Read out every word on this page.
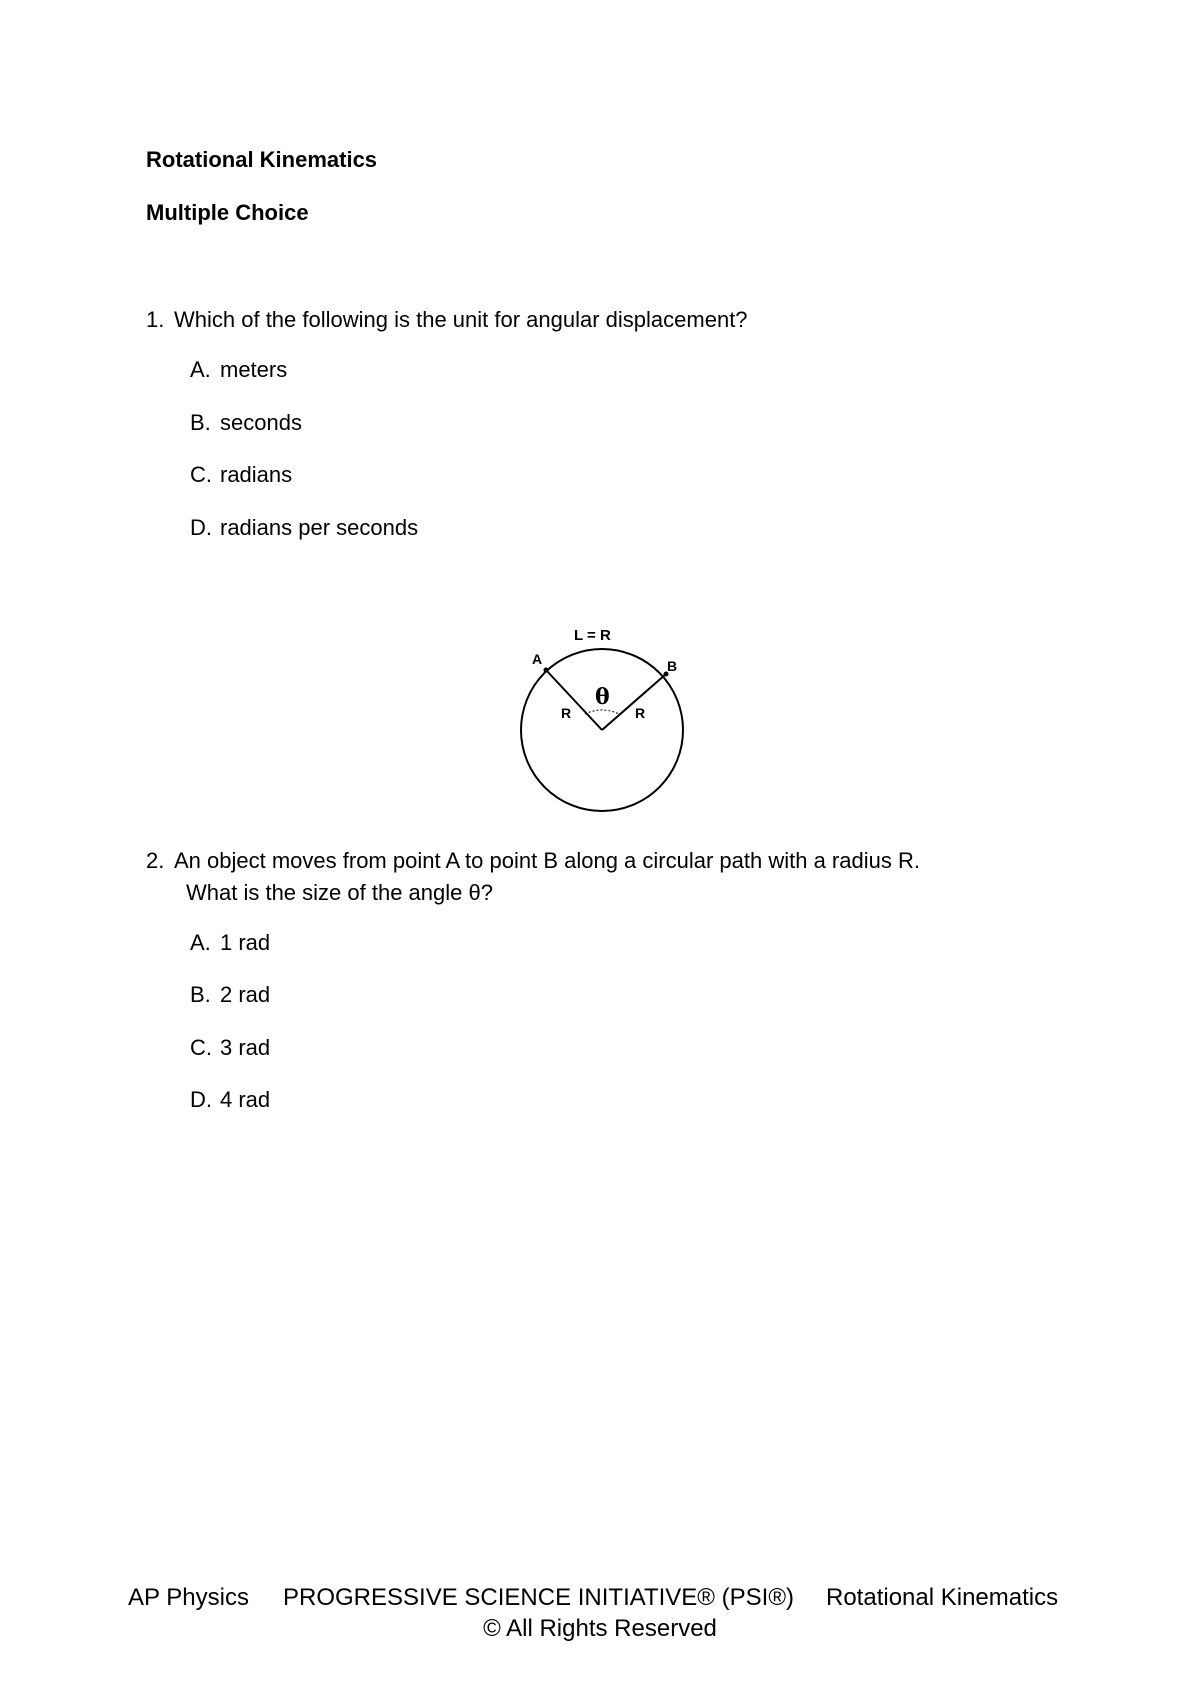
Rotational Kinematics
Multiple Choice
1. Which of the following is the unit for angular displacement?
A. meters
B. seconds
C. radians
D. radians per seconds
L = R
A	B
θ
R	R
2. An object moves from point A to point B along a circular path with a radius R.
What is the size of the angle θ?
A. 1 rad
B. 2 rad
C. 3 rad
D. 4 rad
AP Physics PROGRESSIVE SCIENCE INITIATIVE® (PSI®) Rotational Kinematics
© All Rights Reserved
